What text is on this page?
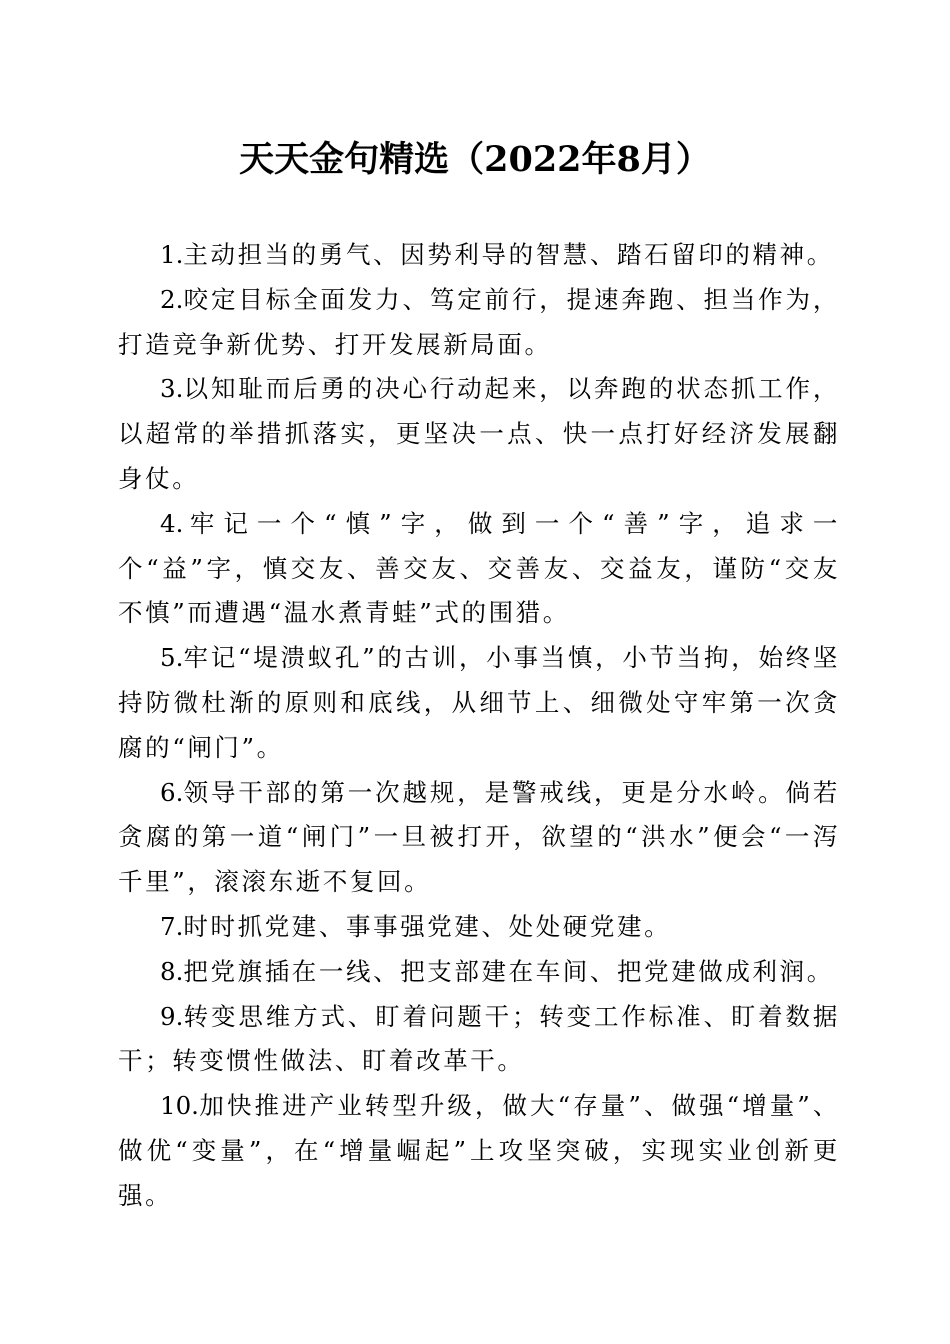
天天金句精选（2022年8月）

1.主动担当的勇气、因势利导的智慧、踏石留印的精神。

2.咬定目标全面发力、笃定前行，提速奔跑、担当作为，打造竞争新优势、打开发展新局面。

3.以知耻而后勇的决心行动起来，以奔跑的状态抓工作，以超常的举措抓落实，更坚决一点、快一点打好经济发展翻身仗。

4.牢记一个“慎”字，做到一个“善”字，追求一个“益”字，慎交友、善交友、交善友、交益友，谨防“交友不慎”而遭遇“温水煮青蛙”式的围猎。

5.牢记“堤溃蚁孔”的古训，小事当慎，小节当拘，始终坚持防微杜渐的原则和底线，从细节上、细微处守牢第一次贪腐的“闸门”。

6.领导干部的第一次越规，是警戒线，更是分水岭。倘若贪腐的第一道“闸门”一旦被打开，欲望的“洪水”便会“一泻千里”，滚滚东逝不复回。

7.时时抓党建、事事强党建、处处硬党建。

8.把党旗插在一线、把支部建在车间、把党建做成利润。

9.转变思维方式、盯着问题干；转变工作标准、盯着数据干；转变惯性做法、盯着改革干。

10.加快推进产业转型升级，做大“存量”、做强“增量”、做优“变量”，在“增量崛起”上攻坚突破，实现实业创新更强。
